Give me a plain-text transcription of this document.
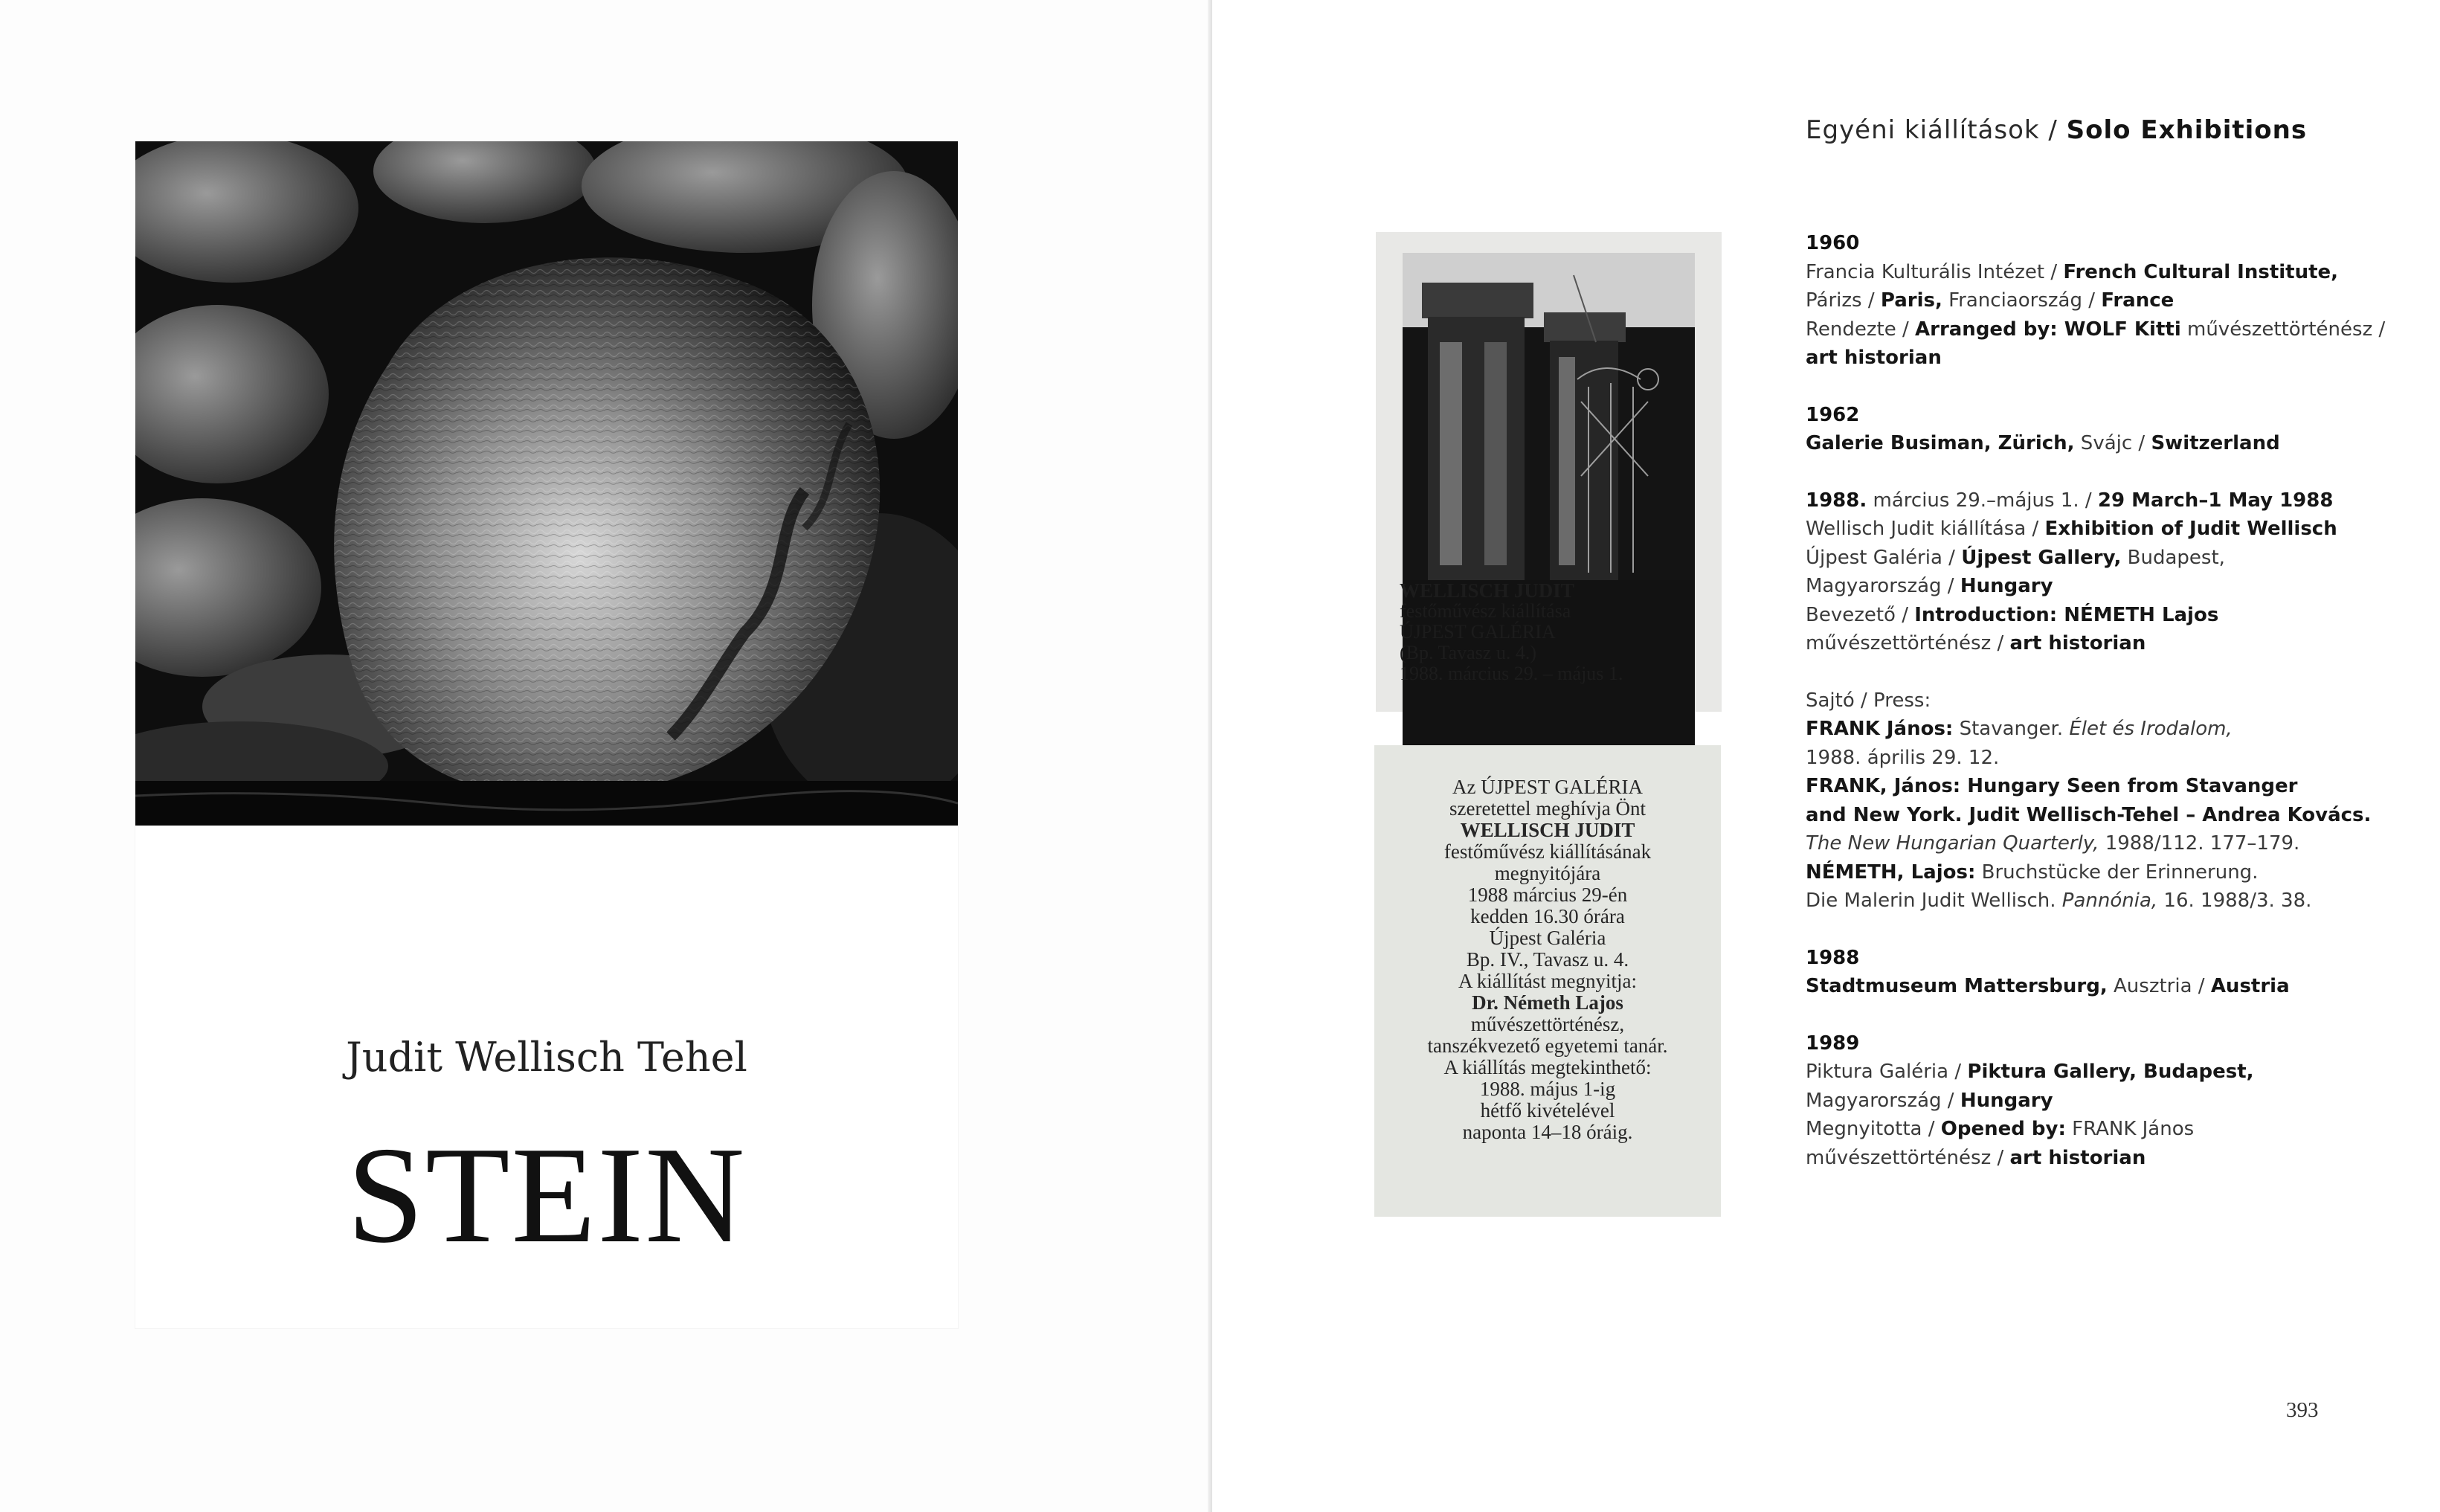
Judit Wellisch Tehel
STEIN
WELLISCH JUDIT
festőművész kiállítása
ÚJPEST GALÉRIA
(Bp. Tavasz u. 4.)
1988. március 29. – május 1.
Az ÚJPEST GALÉRIA
szeretettel meghívja Önt
WELLISCH JUDIT
festőművész kiállításának
megnyitójára
1988 március 29-én
kedden 16.30 órára
Újpest Galéria
Bp. IV., Tavasz u. 4.
A kiállítást megnyitja:
Dr. Németh Lajos
művészettörténész,
tanszékvezető egyetemi tanár.
A kiállítás megtekinthető:
1988. május 1-ig
hétfő kivételével
naponta 14–18 óráig.
Egyéni kiállítások / Solo Exhibitions

1960

Francia Kulturális Intézet / French Cultural Institute,

Párizs / Paris, Franciaország / France

Rendezte / Arranged by: WOLF Kitti művészettörténész /

art historian

1962

Galerie Busiman, Zürich, Svájc / Switzerland

1988. március 29.–május 1. / 29 March–1 May 1988

Wellisch Judit kiállítása / Exhibition of Judit Wellisch

Újpest Galéria / Újpest Gallery, Budapest,

Magyarország / Hungary

Bevezető / Introduction: NÉMETH Lajos

művészettörténész / art historian

Sajtó / Press:

FRANK János: Stavanger. Élet és Irodalom,

1988. április 29. 12.

FRANK, János: Hungary Seen from Stavanger

and New York. Judit Wellisch-Tehel – Andrea Kovács.

The New Hungarian Quarterly, 1988/112. 177–179.

NÉMETH, Lajos: Bruchstücke der Erinnerung.

Die Malerin Judit Wellisch. Pannónia, 16. 1988/3. 38.

1988

Stadtmuseum Mattersburg, Ausztria / Austria

1989

Piktura Galéria / Piktura Gallery, Budapest,

Magyarország / Hungary

Megnyitotta / Opened by: FRANK János

művészettörténész / art historian

393
